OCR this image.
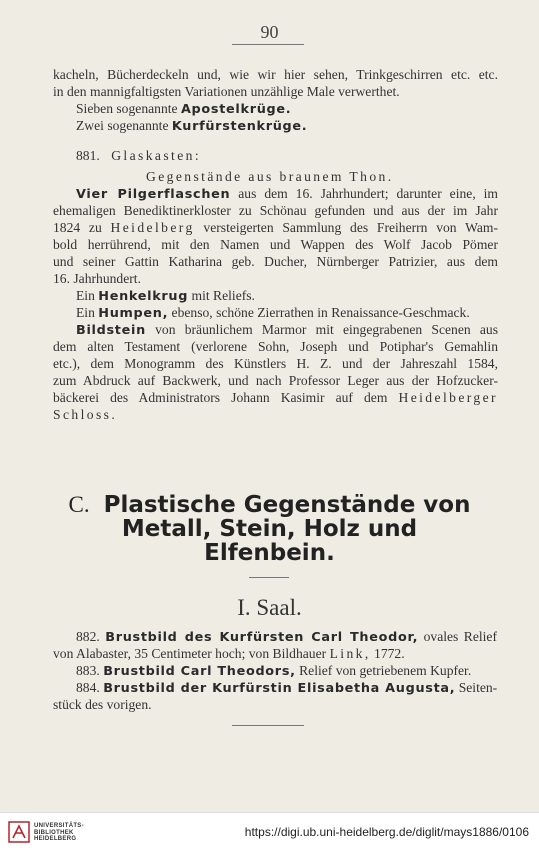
90
kacheln, Bücherdeckeln und, wie wir hier sehen, Trinkgeschirren etc. etc.
in den mannigfaltigsten Variationen unzählige Male verwerthet.
Sieben sogenannte Apostelkrüge.
Zwei sogenannte Kurfürstenkrüge.
881. Glaskasten:
Gegenstände aus braunem Thon.
Vier Pilgerflaschen aus dem 16. Jahrhundert; darunter eine, im
ehemaligen Benediktinerkloster zu Schönau gefunden und aus der im Jahr
1824 zu Heidelberg versteigerten Sammlung des Freiherrn von Wam-
bold herrührend, mit den Namen und Wappen des Wolf Jacob Pömer
und seiner Gattin Katharina geb. Ducher, Nürnberger Patrizier, aus dem
16. Jahrhundert.
Ein Henkelkrug mit Reliefs.
Ein Humpen, ebenso, schöne Zierrathen in Renaissance-Geschmack.
Bildstein von bräunlichem Marmor mit eingegrabenen Scenen aus
dem alten Testament (verlorene Sohn, Joseph und Potiphar's Gemahlin
etc.), dem Monogramm des Künstlers H. Z. und der Jahreszahl 1584,
zum Abdruck auf Backwerk, und nach Professor Leger aus der Hofzucker-
bäckerei des Administrators Johann Kasimir auf dem Heidelberger
Schloss.
C. Plastische Gegenstände von
Metall, Stein, Holz und
Elfenbein.
I. Saal.
882. Brustbild des Kurfürsten Carl Theodor, ovales Relief
von Alabaster, 35 Centimeter hoch; von Bildhauer Link, 1772.
883. Brustbild Carl Theodors, Relief von getriebenem Kupfer.
884. Brustbild der Kurfürstin Elisabetha Augusta, Seiten-
stück des vorigen.
UNIVERSITÄTS-
BIBLIOTHEK
HEIDELBERG	https://digi.ub.uni-heidelberg.de/diglit/mays1886/0106
